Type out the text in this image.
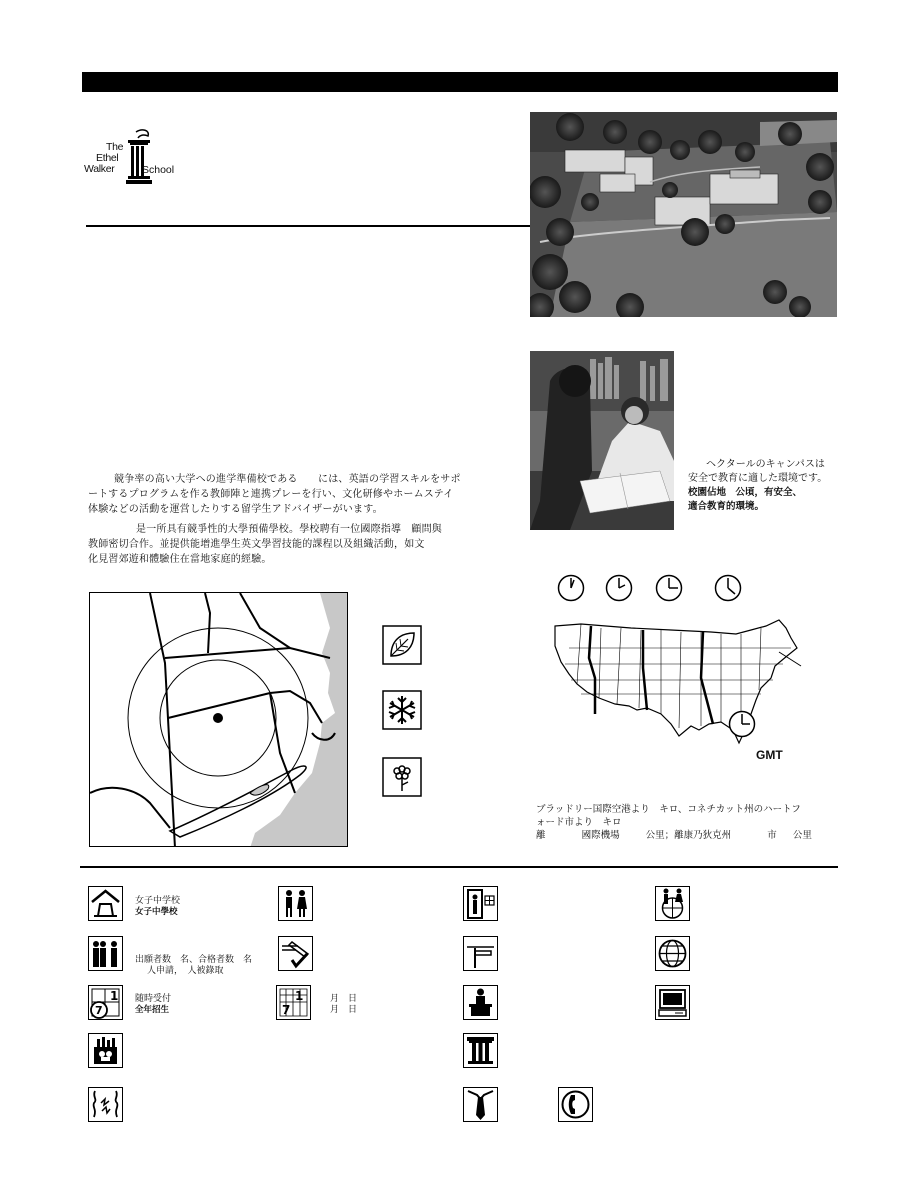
The
Ethel
Walker	School
ヘクタールのキャンパスは
安全で教育に適した環境です。
校園佔地　公頃，有安全、
適合教育的環境。
競争率の高い大学への進学準備校である　　には、英語の学習スキルをサポ
ートするプログラムを作る教師陣と連携プレーを行い、文化研修やホームステイ
体験などの活動を運営したりする留学生アドバイザーがいます。
是一所具有競爭性的大學預備學校。學校聘有一位國際指導　顧問與
教師密切合作。並提供能增進學生英文學習技能的課程以及組織活動，如文
化見習郊遊和體驗住在當地家庭的經驗。
GMT
ブラッドリー国際空港より　キロ、コネチカット州のハートフ
ォード市より　キロ
離	國際機場	公里；離康乃狄克州	市 公里
女子中学校
女子中學校
出願者数　名、合格者数　名
人申請，　人被錄取
1
7
随時受付
全年招生
1
7
月　日
月　日
